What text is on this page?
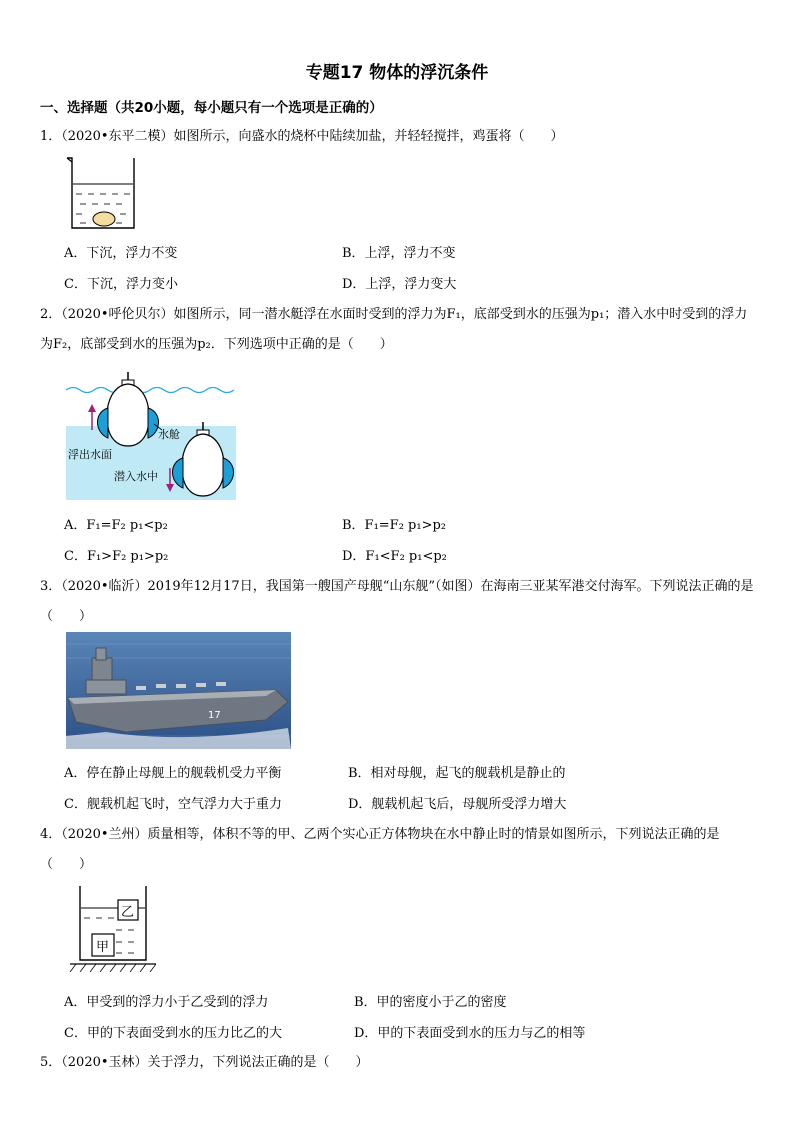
专题17 物体的浮沉条件
一、选择题（共20小题，每小题只有一个选项是正确的）
1．（2020•东平二模）如图所示，向盛水的烧杯中陆续加盐，并轻轻搅拌，鸡蛋将（　　）
A．下沉，浮力不变	B．上浮，浮力不变
C．下沉，浮力变小	D．上浮，浮力变大
2．（2020•呼伦贝尔）如图所示，同一潜水艇浮在水面时受到的浮力为F₁，底部受到水的压强为p₁；潜入水中时受到的浮力为F₂，底部受到水的压强为p₂．下列选项中正确的是（　　）
水舱
浮出水面
潜入水中
A．F₁=F₂ p₁<p₂	B．F₁=F₂ p₁>p₂
C．F₁>F₂ p₁>p₂	D．F₁<F₂ p₁<p₂
3．（2020•临沂）2019年12月17日，我国第一艘国产母舰“山东舰”（如图）在海南三亚某军港交付海军。下列说法正确的是（　　）
17
A．停在静止母舰上的舰载机受力平衡	B．相对母舰，起飞的舰载机是静止的
C．舰载机起飞时，空气浮力大于重力	D．舰载机起飞后，母舰所受浮力增大
4．（2020•兰州）质量相等，体积不等的甲、乙两个实心正方体物块在水中静止时的情景如图所示，下列说法正确的是（　　）
乙
甲
A．甲受到的浮力小于乙受到的浮力	B．甲的密度小于乙的密度
C．甲的下表面受到水的压力比乙的大	D．甲的下表面受到水的压力与乙的相等
5．（2020•玉林）关于浮力，下列说法正确的是（　　）
